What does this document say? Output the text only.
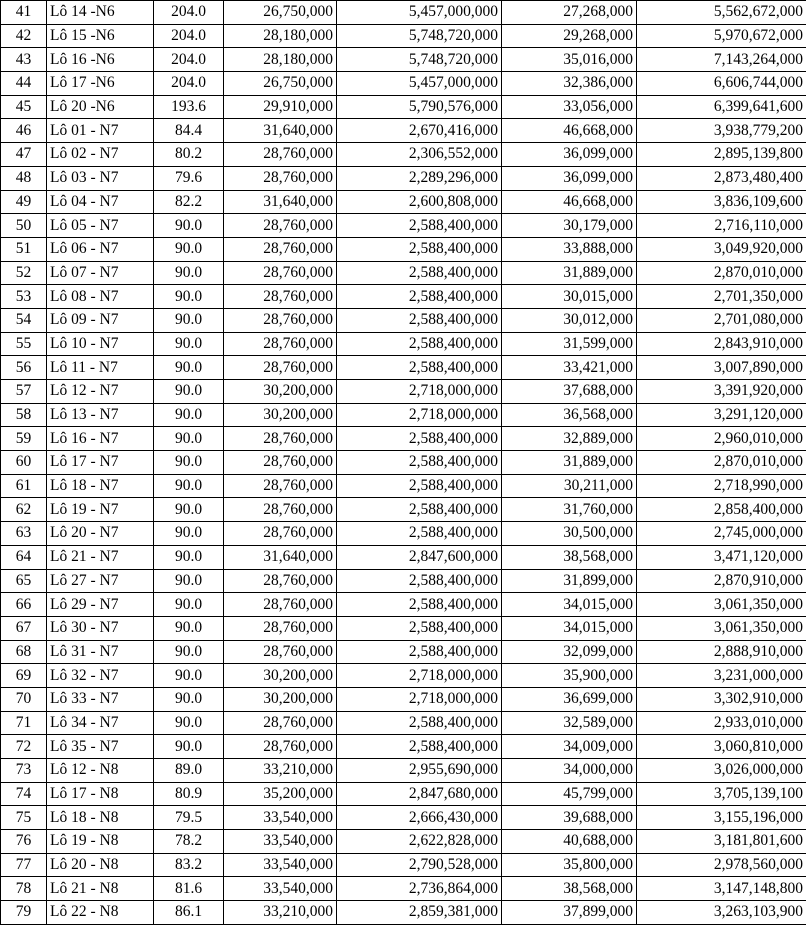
41	Lô 14 -N6	204.0	26,750,000	5,457,000,000	27,268,000	5,562,672,000
42	Lô 15 -N6	204.0	28,180,000	5,748,720,000	29,268,000	5,970,672,000
43	Lô 16 -N6	204.0	28,180,000	5,748,720,000	35,016,000	7,143,264,000
44	Lô 17 -N6	204.0	26,750,000	5,457,000,000	32,386,000	6,606,744,000
45	Lô 20 -N6	193.6	29,910,000	5,790,576,000	33,056,000	6,399,641,600
46	Lô 01 - N7	84.4	31,640,000	2,670,416,000	46,668,000	3,938,779,200
47	Lô 02 - N7	80.2	28,760,000	2,306,552,000	36,099,000	2,895,139,800
48	Lô 03 - N7	79.6	28,760,000	2,289,296,000	36,099,000	2,873,480,400
49	Lô 04 - N7	82.2	31,640,000	2,600,808,000	46,668,000	3,836,109,600
50	Lô 05 - N7	90.0	28,760,000	2,588,400,000	30,179,000	2,716,110,000
51	Lô 06 - N7	90.0	28,760,000	2,588,400,000	33,888,000	3,049,920,000
52	Lô 07 - N7	90.0	28,760,000	2,588,400,000	31,889,000	2,870,010,000
53	Lô 08 - N7	90.0	28,760,000	2,588,400,000	30,015,000	2,701,350,000
54	Lô 09 - N7	90.0	28,760,000	2,588,400,000	30,012,000	2,701,080,000
55	Lô 10 - N7	90.0	28,760,000	2,588,400,000	31,599,000	2,843,910,000
56	Lô 11 - N7	90.0	28,760,000	2,588,400,000	33,421,000	3,007,890,000
57	Lô 12 - N7	90.0	30,200,000	2,718,000,000	37,688,000	3,391,920,000
58	Lô 13 - N7	90.0	30,200,000	2,718,000,000	36,568,000	3,291,120,000
59	Lô 16 - N7	90.0	28,760,000	2,588,400,000	32,889,000	2,960,010,000
60	Lô 17 - N7	90.0	28,760,000	2,588,400,000	31,889,000	2,870,010,000
61	Lô 18 - N7	90.0	28,760,000	2,588,400,000	30,211,000	2,718,990,000
62	Lô 19 - N7	90.0	28,760,000	2,588,400,000	31,760,000	2,858,400,000
63	Lô 20 - N7	90.0	28,760,000	2,588,400,000	30,500,000	2,745,000,000
64	Lô 21 - N7	90.0	31,640,000	2,847,600,000	38,568,000	3,471,120,000
65	Lô 27 - N7	90.0	28,760,000	2,588,400,000	31,899,000	2,870,910,000
66	Lô 29 - N7	90.0	28,760,000	2,588,400,000	34,015,000	3,061,350,000
67	Lô 30 - N7	90.0	28,760,000	2,588,400,000	34,015,000	3,061,350,000
68	Lô 31 - N7	90.0	28,760,000	2,588,400,000	32,099,000	2,888,910,000
69	Lô 32 - N7	90.0	30,200,000	2,718,000,000	35,900,000	3,231,000,000
70	Lô 33 - N7	90.0	30,200,000	2,718,000,000	36,699,000	3,302,910,000
71	Lô 34 - N7	90.0	28,760,000	2,588,400,000	32,589,000	2,933,010,000
72	Lô 35 - N7	90.0	28,760,000	2,588,400,000	34,009,000	3,060,810,000
73	Lô 12 - N8	89.0	33,210,000	2,955,690,000	34,000,000	3,026,000,000
74	Lô 17 - N8	80.9	35,200,000	2,847,680,000	45,799,000	3,705,139,100
75	Lô 18 - N8	79.5	33,540,000	2,666,430,000	39,688,000	3,155,196,000
76	Lô 19 - N8	78.2	33,540,000	2,622,828,000	40,688,000	3,181,801,600
77	Lô 20 - N8	83.2	33,540,000	2,790,528,000	35,800,000	2,978,560,000
78	Lô 21 - N8	81.6	33,540,000	2,736,864,000	38,568,000	3,147,148,800
79	Lô 22 - N8	86.1	33,210,000	2,859,381,000	37,899,000	3,263,103,900
